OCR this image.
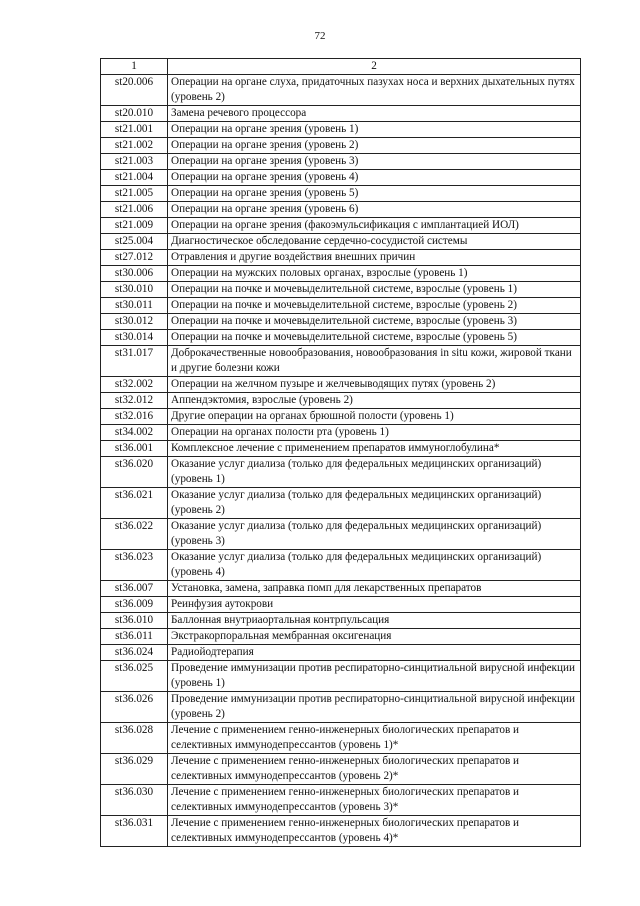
72
1	2
st20.006	Операции на органе слуха, придаточных пазухах носа и верхних дыхательных путях (уровень 2)
st20.010	Замена речевого процессора
st21.001	Операции на органе зрения (уровень 1)
st21.002	Операции на органе зрения (уровень 2)
st21.003	Операции на органе зрения (уровень 3)
st21.004	Операции на органе зрения (уровень 4)
st21.005	Операции на органе зрения (уровень 5)
st21.006	Операции на органе зрения (уровень 6)
st21.009	Операции на органе зрения (факоэмульсификация с имплантацией ИОЛ)
st25.004	Диагностическое обследование сердечно-сосудистой системы
st27.012	Отравления и другие воздействия внешних причин
st30.006	Операции на мужских половых органах, взрослые (уровень 1)
st30.010	Операции на почке и мочевыделительной системе, взрослые (уровень 1)
st30.011	Операции на почке и мочевыделительной системе, взрослые (уровень 2)
st30.012	Операции на почке и мочевыделительной системе, взрослые (уровень 3)
st30.014	Операции на почке и мочевыделительной системе, взрослые (уровень 5)
st31.017	Доброкачественные новообразования, новообразования in situ кожи, жировой ткани и другие болезни кожи
st32.002	Операции на желчном пузыре и желчевыводящих путях (уровень 2)
st32.012	Аппендэктомия, взрослые (уровень 2)
st32.016	Другие операции на органах брюшной полости (уровень 1)
st34.002	Операции на органах полости рта (уровень 1)
st36.001	Комплексное лечение с применением препаратов иммуноглобулина*
st36.020	Оказание услуг диализа (только для федеральных медицинских организаций) (уровень 1)
st36.021	Оказание услуг диализа (только для федеральных медицинских организаций) (уровень 2)
st36.022	Оказание услуг диализа (только для федеральных медицинских организаций) (уровень 3)
st36.023	Оказание услуг диализа (только для федеральных медицинских организаций) (уровень 4)
st36.007	Установка, замена, заправка помп для лекарственных препаратов
st36.009	Реинфузия аутокрови
st36.010	Баллонная внутриаортальная контрпульсация
st36.011	Экстракорпоральная мембранная оксигенация
st36.024	Радиойодтерапия
st36.025	Проведение иммунизации против респираторно-синцитиальной вирусной инфекции (уровень 1)
st36.026	Проведение иммунизации против респираторно-синцитиальной вирусной инфекции (уровень 2)
st36.028	Лечение с применением генно-инженерных биологических препаратов и селективных иммунодепрессантов (уровень 1)*
st36.029	Лечение с применением генно-инженерных биологических препаратов и селективных иммунодепрессантов (уровень 2)*
st36.030	Лечение с применением генно-инженерных биологических препаратов и селективных иммунодепрессантов (уровень 3)*
st36.031	Лечение с применением генно-инженерных биологических препаратов и селективных иммунодепрессантов (уровень 4)*
